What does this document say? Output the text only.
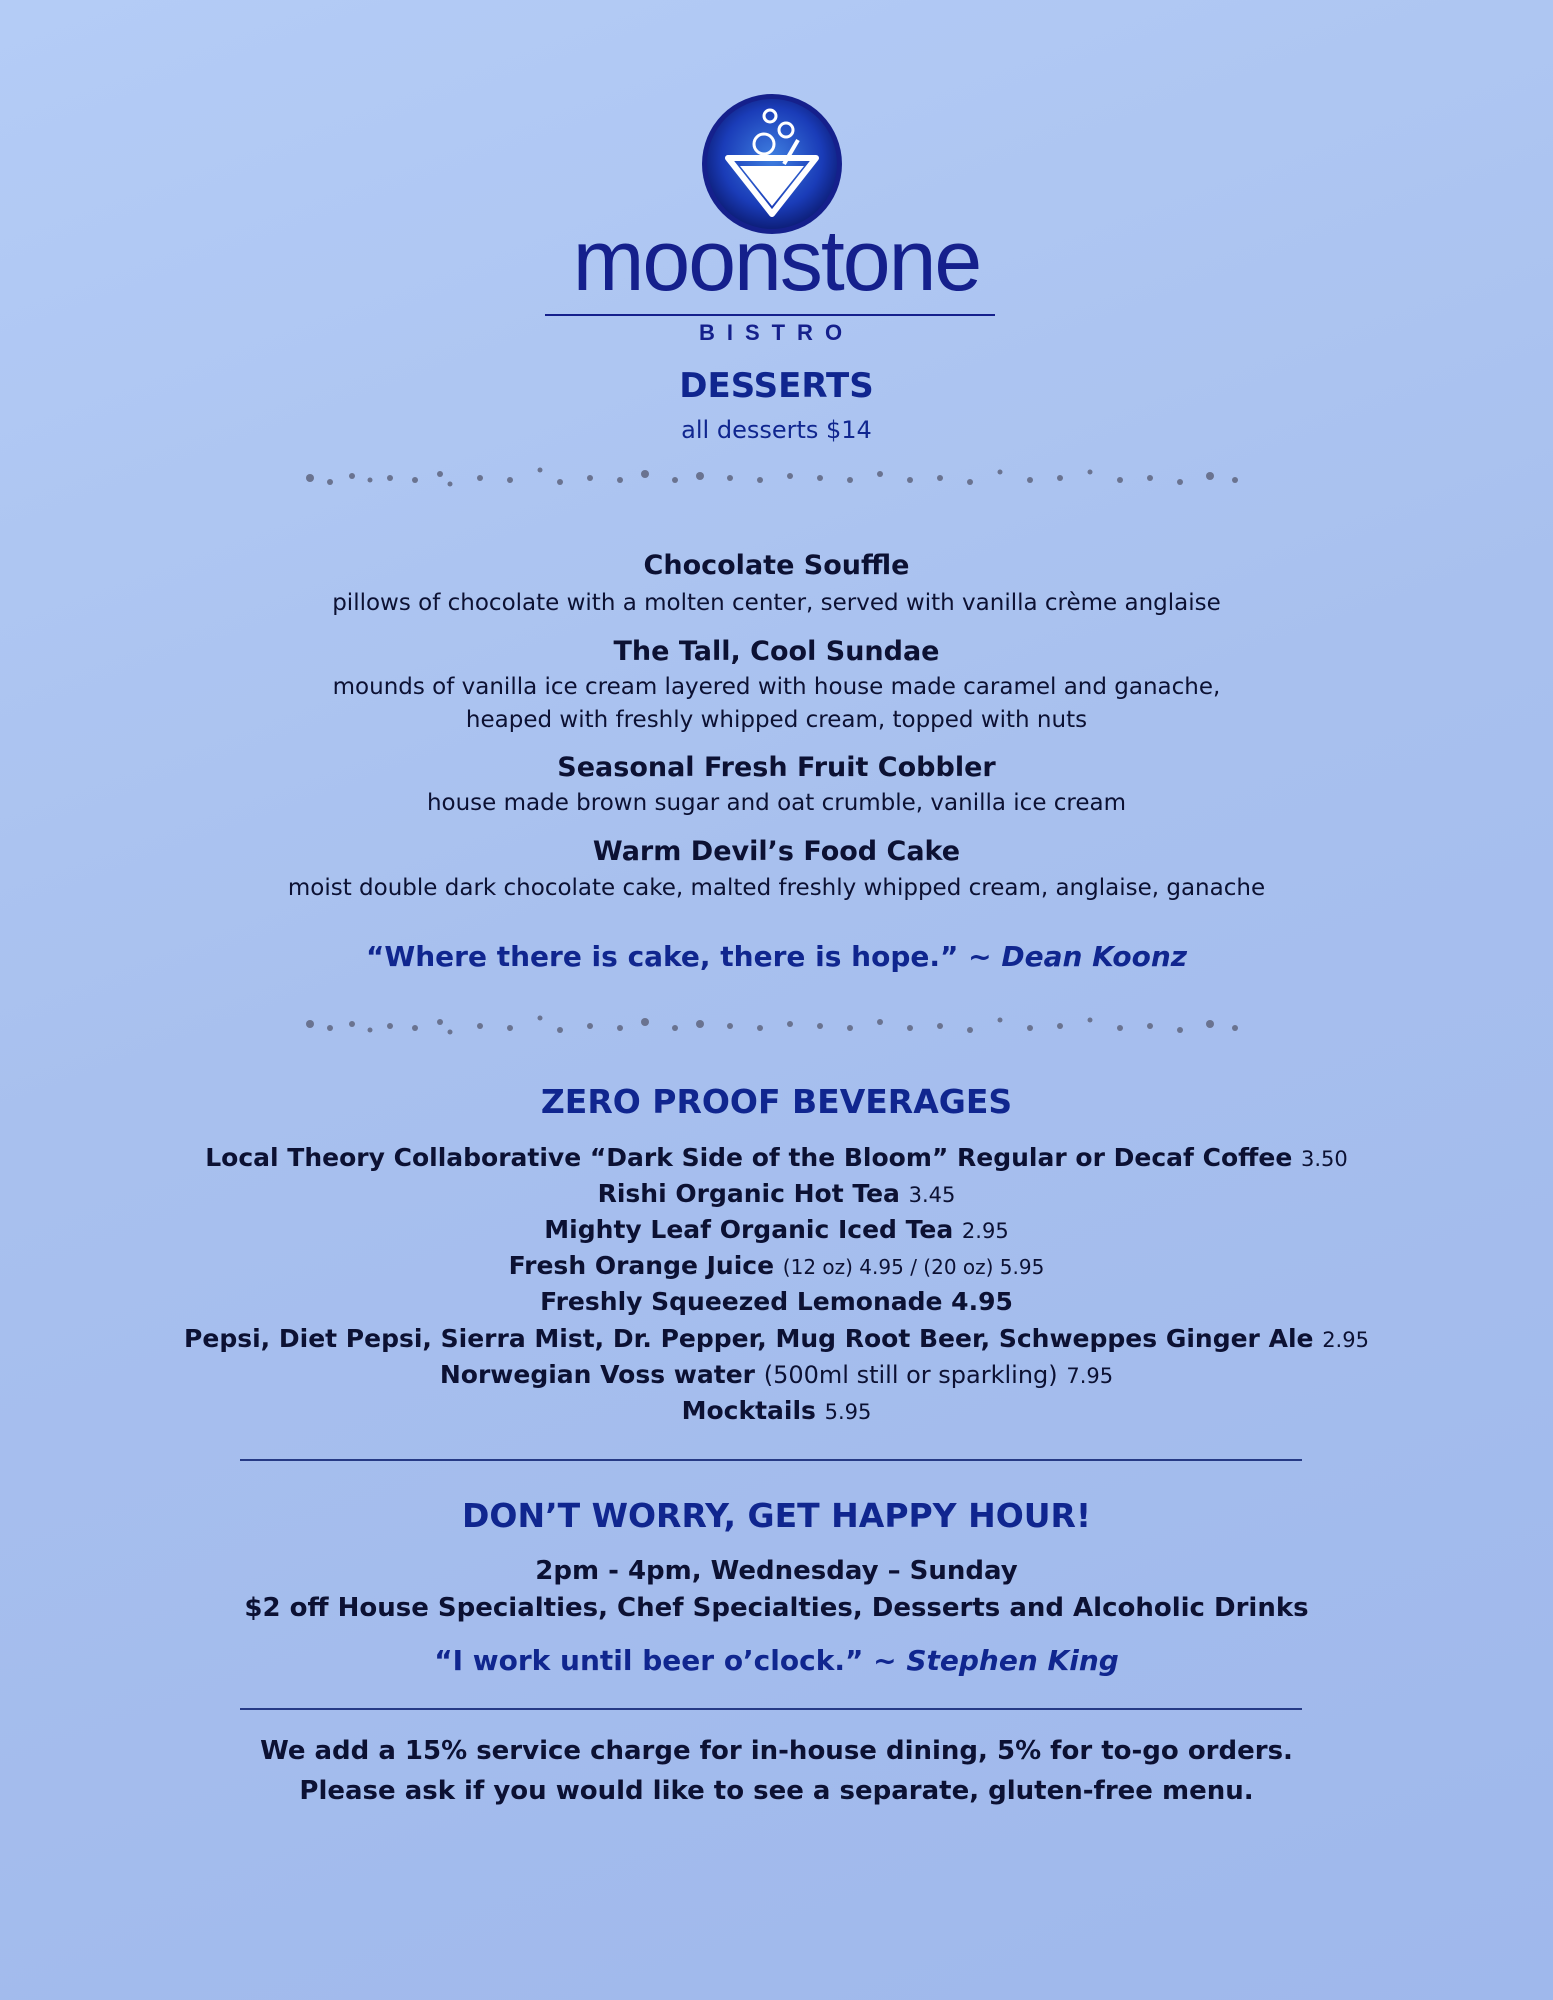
moonstone
BISTRO
DESSERTS
all desserts $14
Chocolate Souffle
pillows of chocolate with a molten center, served with vanilla crème anglaise
The Tall, Cool Sundae
mounds of vanilla ice cream layered with house made caramel and ganache,
heaped with freshly whipped cream, topped with nuts
Seasonal Fresh Fruit Cobbler
house made brown sugar and oat crumble, vanilla ice cream
Warm Devil’s Food Cake
moist double dark chocolate cake, malted freshly whipped cream, anglaise, ganache
“Where there is cake, there is hope.” ~ Dean Koonz
ZERO PROOF BEVERAGES
Local Theory Collaborative “Dark Side of the Bloom” Regular or Decaf Coffee 3.50
Rishi Organic Hot Tea 3.45
Mighty Leaf Organic Iced Tea 2.95
Fresh Orange Juice (12 oz) 4.95 / (20 oz) 5.95
Freshly Squeezed Lemonade 4.95
Pepsi, Diet Pepsi, Sierra Mist, Dr. Pepper, Mug Root Beer, Schweppes Ginger Ale 2.95
Norwegian Voss water (500ml still or sparkling) 7.95
Mocktails 5.95
DON’T WORRY, GET HAPPY HOUR!
2pm - 4pm, Wednesday – Sunday
$2 off House Specialties, Chef Specialties, Desserts and Alcoholic Drinks
“I work until beer o’clock.” ~ Stephen King
We add a 15% service charge for in-house dining, 5% for to-go orders.
Please ask if you would like to see a separate, gluten-free menu.
